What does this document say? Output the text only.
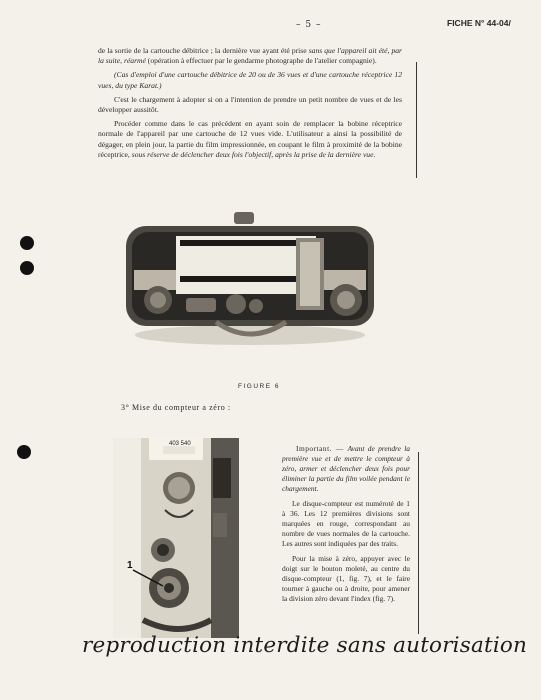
– 5 –	FICHE N° 44-04/

de la sortie de la cartouche débitrice ; la dernière vue ayant été prise sans que l'appareil ait été, par la suite, réarmé (opération à effectuer par le gendarme photographe de l'atelier compagnie).

(Cas d'emploi d'une cartouche débitrice de 20 ou de 36 vues et d'une cartouche réceptrice 12 vues, du type Karat.)

C'est le chargement à adopter si on a l'intention de prendre un petit nombre de vues et de les développer aussitôt.

Procéder comme dans le cas précédent en ayant soin de remplacer la bobine réceptrice normale de l'appareil par une cartouche de 12 vues vide. L'utilisateur a ainsi la possibilité de dégager, en plein jour, la partie du film impressionnée, en coupant le film à proximité de la bobine réceptrice, sous réserve de déclencher deux fois l'objectif, après la prise de la dernière vue.

FIGURE 6
3° Mise du compteur a zéro :
403 540
1

Important. — Avant de prendre la première vue et de mettre le compteur à zéro, armer et déclencher deux fois pour éliminer la partie du film voilée pendant le chargement.

Le disque-compteur est numéroté de 1 à 36. Les 12 premières divisions sont marquées en rouge, correspondant au nombre de vues normales de la cartouche. Les autres sont indiquées par des traits.

Pour la mise à zéro, appuyer avec le doigt sur le bouton moleté, au centre du disque-compteur (1, fig. 7), et le faire tourner à gauche ou à droite, pour amener la division zéro devant l'index (fig. 7).

reproduction interdite sans autorisation
